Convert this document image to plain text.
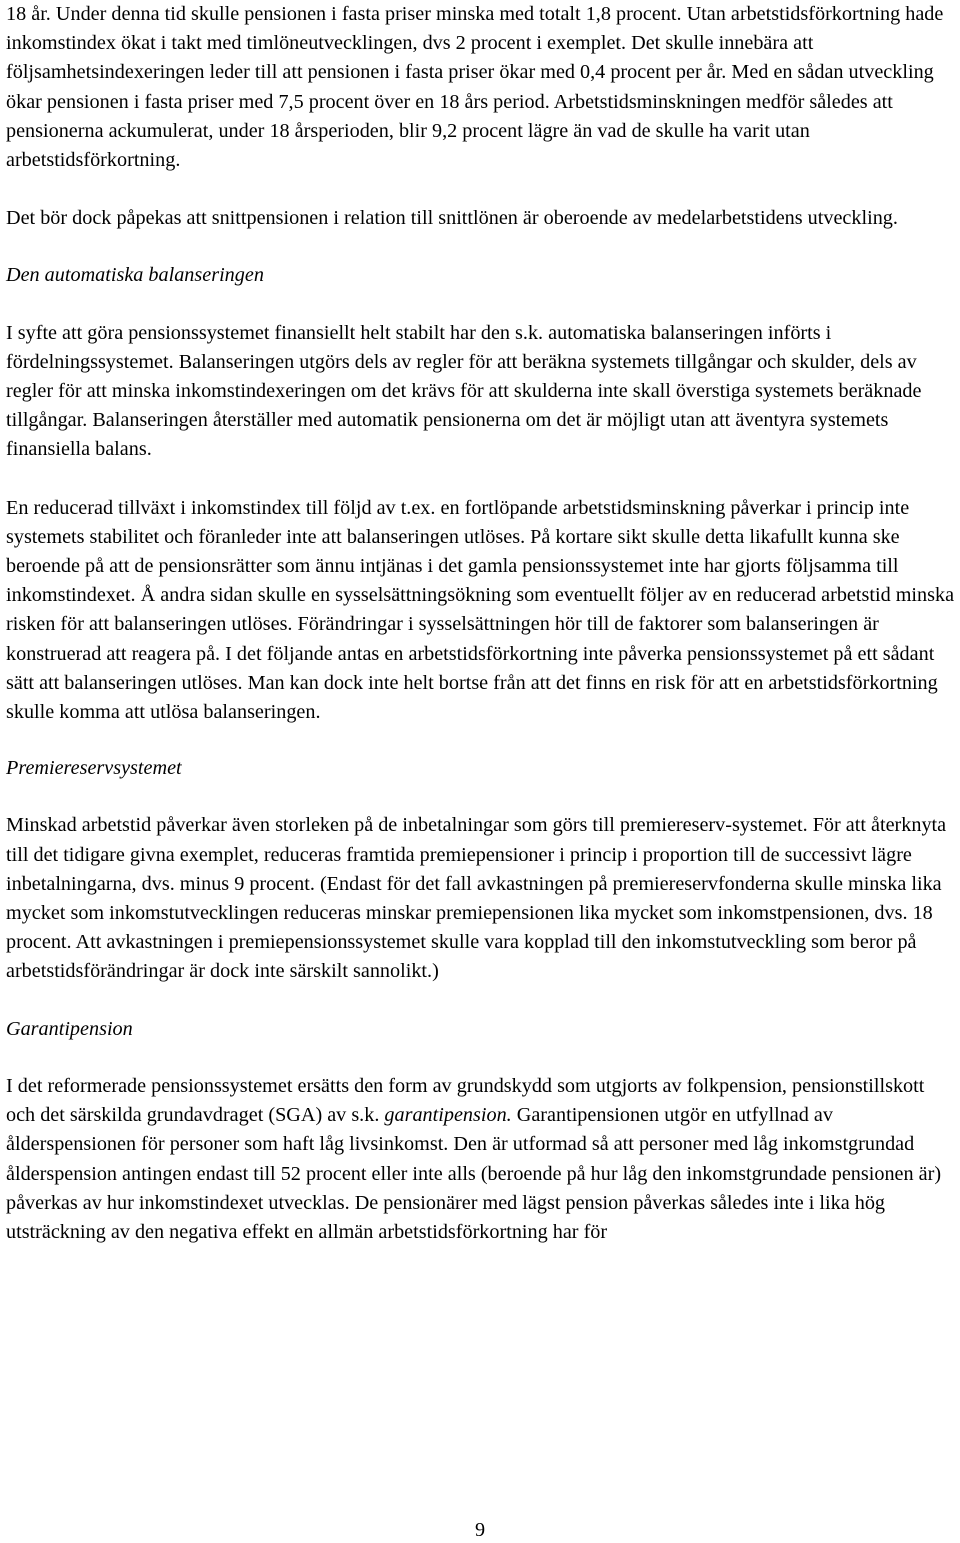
18 år. Under denna tid skulle pensionen i fasta priser minska med totalt 1,8 procent. Utan arbetstidsförkortning hade inkomstindex ökat i takt med timlöneutvecklingen, dvs 2 procent i exemplet. Det skulle innebära att följsamhetsindexeringen leder till att pensionen i fasta priser ökar med 0,4 procent per år. Med en sådan utveckling ökar pensionen i fasta priser med 7,5 procent över en 18 års period. Arbetstidsminskningen medför således att pensionerna ackumulerat, under 18 årsperioden, blir 9,2 procent lägre än vad de skulle ha varit utan arbetstidsförkortning.

Det bör dock påpekas att snittpensionen i relation till snittlönen är oberoende av medelarbetstidens utveckling.

Den automatiska balanseringen

I syfte att göra pensionssystemet finansiellt helt stabilt har den s.k. automatiska balanseringen införts i fördelningssystemet. Balanseringen utgörs dels av regler för att beräkna systemets tillgångar och skulder, dels av regler för att minska inkomstindexeringen om det krävs för att skulderna inte skall överstiga systemets beräknade tillgångar. Balanseringen återställer med automatik pensionerna om det är möjligt utan att äventyra systemets finansiella balans.

En reducerad tillväxt i inkomstindex till följd av t.ex. en fortlöpande arbetstidsminskning påverkar i princip inte systemets stabilitet och föranleder inte att balanseringen utlöses. På kortare sikt skulle detta likafullt kunna ske beroende på att de pensionsrätter som ännu intjänas i det gamla pensionssystemet inte har gjorts följsamma till inkomstindexet. Å andra sidan skulle en sysselsättningsökning som eventuellt följer av en reducerad arbetstid minska risken för att balanseringen utlöses. Förändringar i sysselsättningen hör till de faktorer som balanseringen är konstruerad att reagera på. I det följande antas en arbetstidsförkortning inte påverka pensionssystemet på ett sådant sätt att balanseringen utlöses. Man kan dock inte helt bortse från att det finns en risk för att en arbetstidsförkortning skulle komma att utlösa balanseringen.

Premiereservsystemet

Minskad arbetstid påverkar även storleken på de inbetalningar som görs till premiereserv-systemet. För att återknyta till det tidigare givna exemplet, reduceras framtida premiepensioner i princip i proportion till de successivt lägre inbetalningarna, dvs. minus 9 procent. (Endast för det fall avkastningen på premiereservfonderna skulle minska lika mycket som inkomstutvecklingen reduceras minskar premiepensionen lika mycket som inkomstpensionen, dvs. 18 procent. Att avkastningen i premiepensionssystemet skulle vara kopplad till den inkomstutveckling som beror på arbetstidsförändringar är dock inte särskilt sannolikt.)

Garantipension

I det reformerade pensionssystemet ersätts den form av grundskydd som utgjorts av folkpension, pensionstillskott och det särskilda grundavdraget (SGA) av s.k. garantipension. Garantipensionen utgör en utfyllnad av ålderspensionen för personer som haft låg livsinkomst. Den är utformad så att personer med låg inkomstgrundad ålderspension antingen endast till 52 procent eller inte alls (beroende på hur låg den inkomstgrundade pensionen är) påverkas av hur inkomstindexet utvecklas. De pensionärer med lägst pension påverkas således inte i lika hög utsträckning av den negativa effekt en allmän arbetstidsförkortning har för

9
